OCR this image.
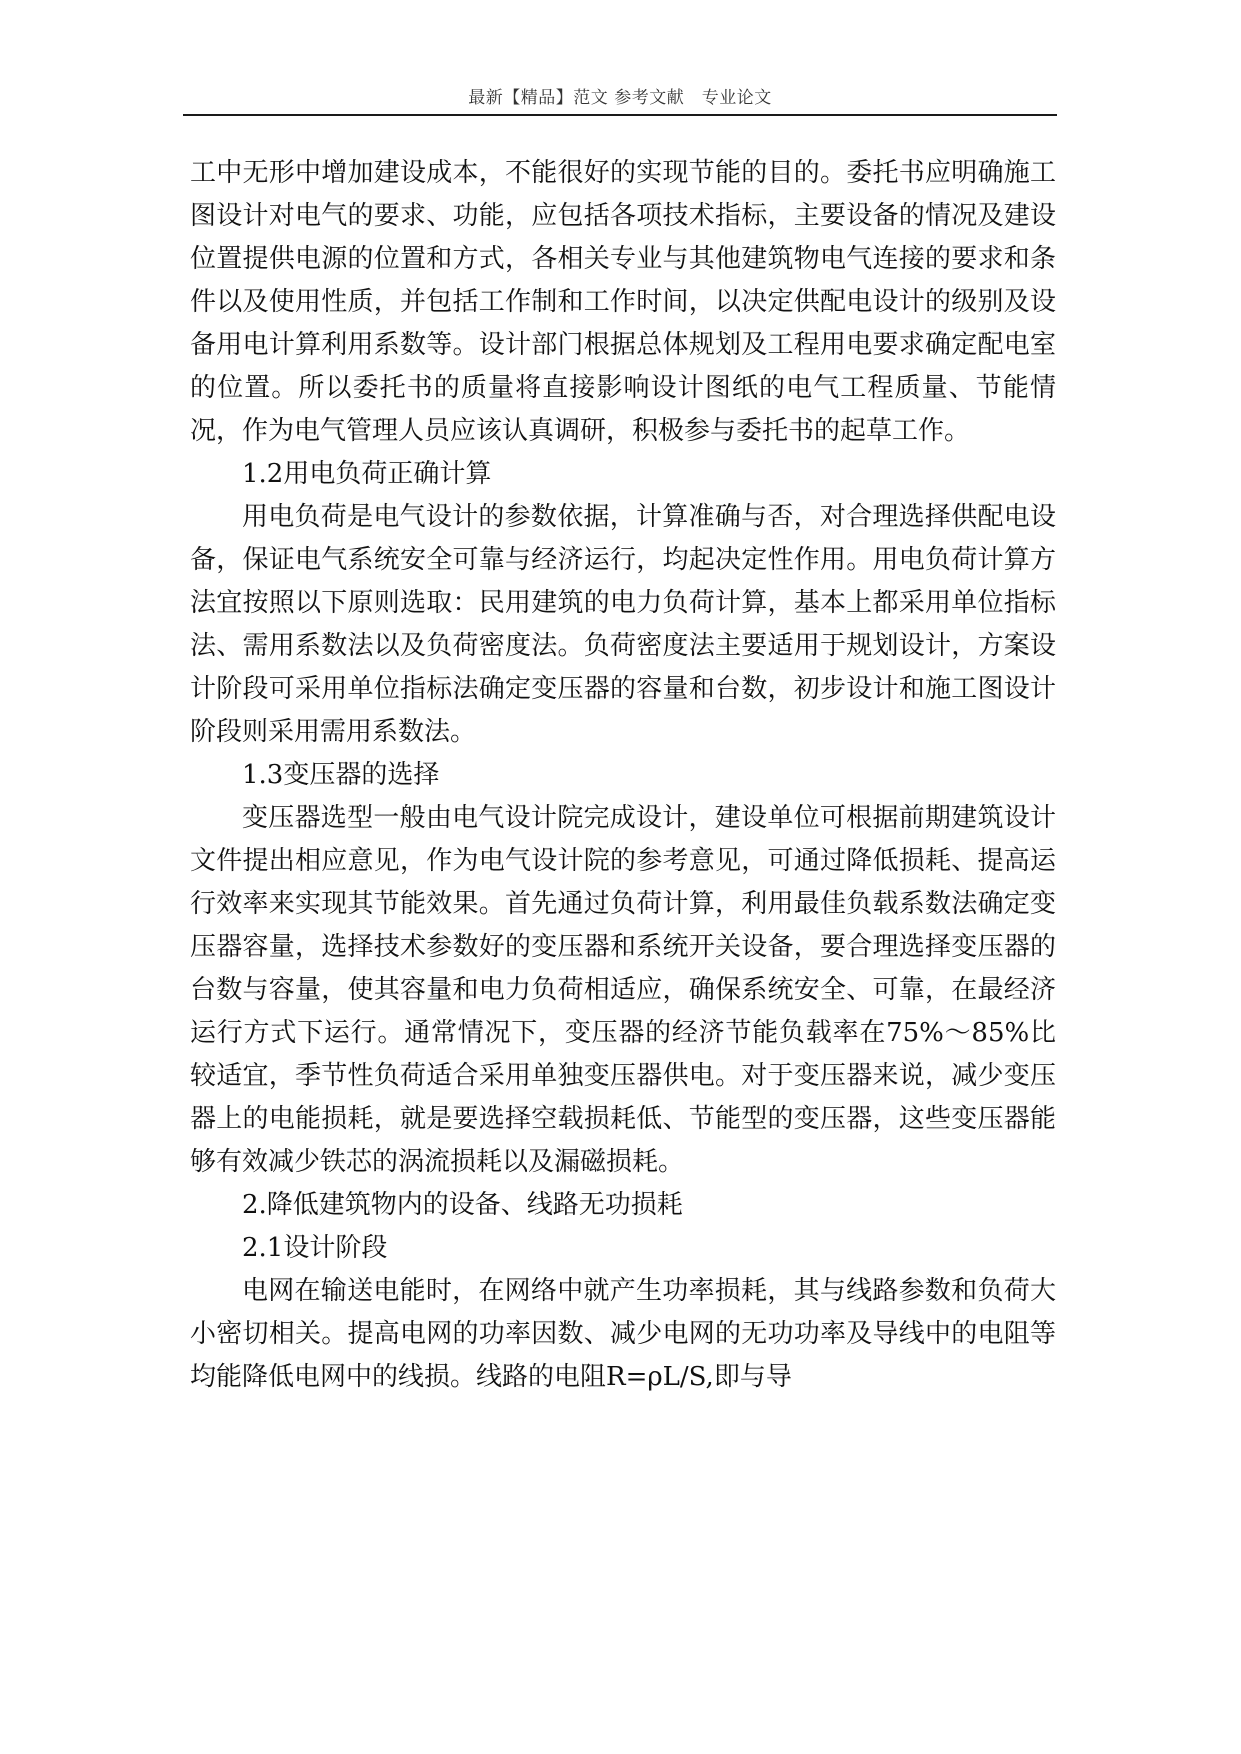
最新【精品】范文 参考文献　专业论文

工中无形中增加建设成本，不能很好的实现节能的目的。委托书应明确施工图设计对电气的要求、功能，应包括各项技术指标，主要设备的情况及建设位置提供电源的位置和方式，各相关专业与其他建筑物电气连接的要求和条件以及使用性质，并包括工作制和工作时间，以决定供配电设计的级别及设备用电计算利用系数等。设计部门根据总体规划及工程用电要求确定配电室的位置。所以委托书的质量将直接影响设计图纸的电气工程质量、节能情况，作为电气管理人员应该认真调研，积极参与委托书的起草工作。

1.2用电负荷正确计算

用电负荷是电气设计的参数依据，计算准确与否，对合理选择供配电设备，保证电气系统安全可靠与经济运行，均起决定性作用。用电负荷计算方法宜按照以下原则选取：民用建筑的电力负荷计算，基本上都采用单位指标法、需用系数法以及负荷密度法。负荷密度法主要适用于规划设计，方案设计阶段可采用单位指标法确定变压器的容量和台数，初步设计和施工图设计阶段则采用需用系数法。

1.3变压器的选择

变压器选型一般由电气设计院完成设计，建设单位可根据前期建筑设计文件提出相应意见，作为电气设计院的参考意见，可通过降低损耗、提高运行效率来实现其节能效果。首先通过负荷计算，利用最佳负载系数法确定变压器容量，选择技术参数好的变压器和系统开关设备，要合理选择变压器的台数与容量，使其容量和电力负荷相适应，确保系统安全、可靠，在最经济运行方式下运行。通常情况下，变压器的经济节能负载率在75%～85%比较适宜，季节性负荷适合采用单独变压器供电。对于变压器来说，减少变压器上的电能损耗，就是要选择空载损耗低、节能型的变压器，这些变压器能够有效减少铁芯的涡流损耗以及漏磁损耗。

2.降低建筑物内的设备、线路无功损耗

2.1设计阶段

电网在输送电能时，在网络中就产生功率损耗，其与线路参数和负荷大小密切相关。提高电网的功率因数、减少电网的无功功率及导线中的电阻等均能降低电网中的线损。线路的电阻R=ρL/S,即与导
